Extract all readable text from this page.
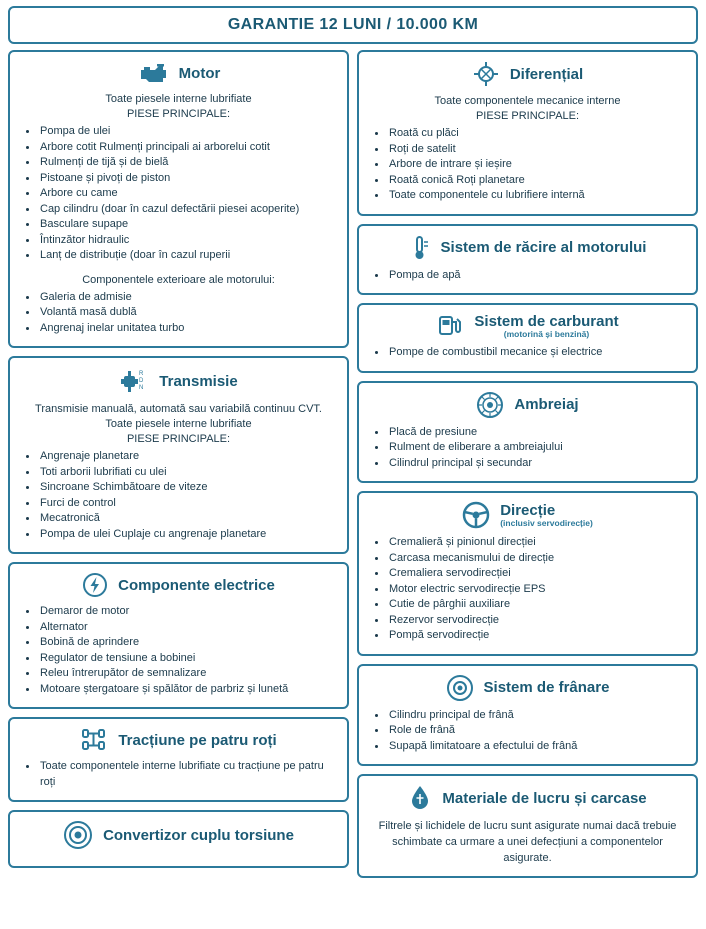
GARANTIE 12 LUNI / 10.000 KM
Motor
Toate piesele interne lubrifiate
PIESE PRINCIPALE:
• Pompa de ulei
• Arbore cotit Rulmenți principali ai arborelui cotit
• Rulmenți de tijă și de bielă
• Pistoane și pivoți de piston
• Arbore cu came
• Cap cilindru (doar în cazul defectării piesei acoperite)
• Basculare supape
• Întinzător hidraulic
• Lanț de distribuție (doar în cazul ruperii
Componentele exterioare ale motorului:
• Galeria de admisie
• Volantă masă dublă
• Angrenaj inelar unitatea turbo
R
D
N Transmisie
Transmisie manuală, automată sau variabilă continuu CVT.
Toate piesele interne lubrifiate
PIESE PRINCIPALE:
• Angrenaje planetare
• Toti arborii lubrifiati cu ulei
• Sincroane Schimbătoare de viteze
• Furci de control
• Mecatronică
• Pompa de ulei Cuplaje cu angrenaje planetare
Componente electrice
• Demaror de motor
• Alternator
• Bobină de aprindere
• Regulator de tensiune a bobinei
• Releu întrerupător de semnalizare
• Motoare ștergatoare și spălător de parbriz și lunetă
Tracțiune pe patru roți
• Toate componentele interne lubrifiate cu tracțiune pe patru roți
Convertizor cuplu torsiune
Diferențial
Toate componentele mecanice interne
PIESE PRINCIPALE:
• Roată cu plăci
• Roți de satelit
• Arbore de intrare și ieșire
• Roată conică Roți planetare
• Toate componentele cu lubrifiere internă
Sistem de răcire al motorului
• Pompa de apă
Sistem de carburant
(motorină și benzină)
• Pompe de combustibil mecanice și electrice
Ambreiaj
• Placă de presiune
• Rulment de eliberare a ambreiajului
• Cilindrul principal și secundar
Direcție
(inclusiv servodirecție)
• Cremalieră și pinionul direcției
• Carcasa mecanismului de direcție
• Cremaliera servodirecției
• Motor electric servodirecție EPS
• Cutie de pârghii auxiliare
• Rezervor servodirecție
• Pompă servodirecție
Sistem de frânare
• Cilindru principal de frână
• Role de frână
• Supapă limitatoare a efectului de frână
Materiale de lucru și carcase
Filtrele și lichidele de lucru sunt asigurate numai dacă trebuie schimbate ca urmare a unei defecțiuni a componentelor asigurate.
